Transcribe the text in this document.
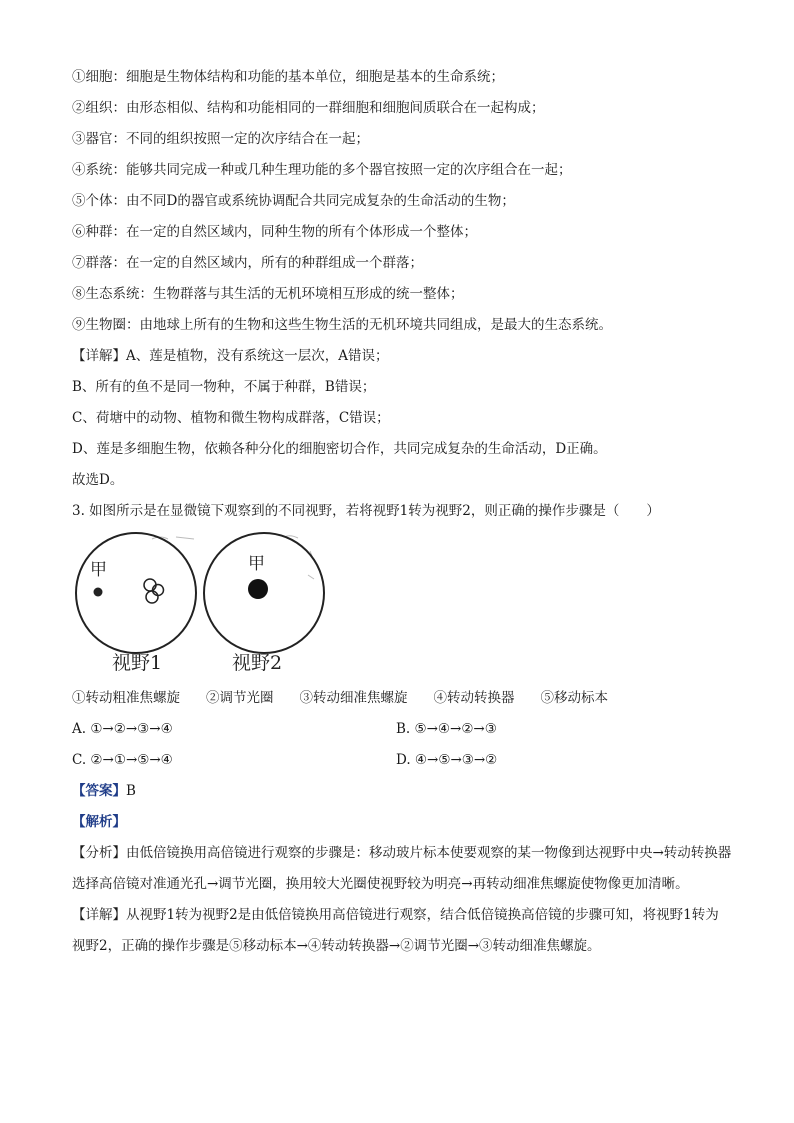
①细胞：细胞是生物体结构和功能的基本单位，细胞是基本的生命系统；
②组织：由形态相似、结构和功能相同的一群细胞和细胞间质联合在一起构成；
③器官：不同的组织按照一定的次序结合在一起；
④系统：能够共同完成一种或几种生理功能的多个器官按照一定的次序组合在一起；
⑤个体：由不同D的器官或系统协调配合共同完成复杂的生命活动的生物；
⑥种群：在一定的自然区域内，同种生物的所有个体形成一个整体；
⑦群落：在一定的自然区域内，所有的种群组成一个群落；
⑧生态系统：生物群落与其生活的无机环境相互形成的统一整体；
⑨生物圈：由地球上所有的生物和这些生物生活的无机环境共同组成，是最大的生态系统。
【详解】A、莲是植物，没有系统这一层次，A错误；
B、所有的鱼不是同一物种，不属于种群，B错误；
C、荷塘中的动物、植物和微生物构成群落，C错误；
D、莲是多细胞生物，依赖各种分化的细胞密切合作，共同完成复杂的生命活动，D正确。
故选D。
3. 如图所示是在显微镜下观察到的不同视野，若将视野1转为视野2，则正确的操作步骤是（　　）
甲	甲
视野1	视野2
①转动粗准焦螺旋 ②调节光圈 ③转动细准焦螺旋 ④转动转换器 ⑤移动标本
A. ①→②→③→④	B. ⑤→④→②→③
C. ②→①→⑤→④	D. ④→⑤→③→②
【答案】B
【解析】
【分析】由低倍镜换用高倍镜进行观察的步骤是：移动玻片标本使要观察的某一物像到达视野中央→转动转换器选择高倍镜对准通光孔→调节光圈，换用较大光圈使视野较为明亮→再转动细准焦螺旋使物像更加清晰。
【详解】从视野1转为视野2是由低倍镜换用高倍镜进行观察，结合低倍镜换高倍镜的步骤可知，将视野1转为视野2，正确的操作步骤是⑤移动标本→④转动转换器→②调节光圈→③转动细准焦螺旋。
